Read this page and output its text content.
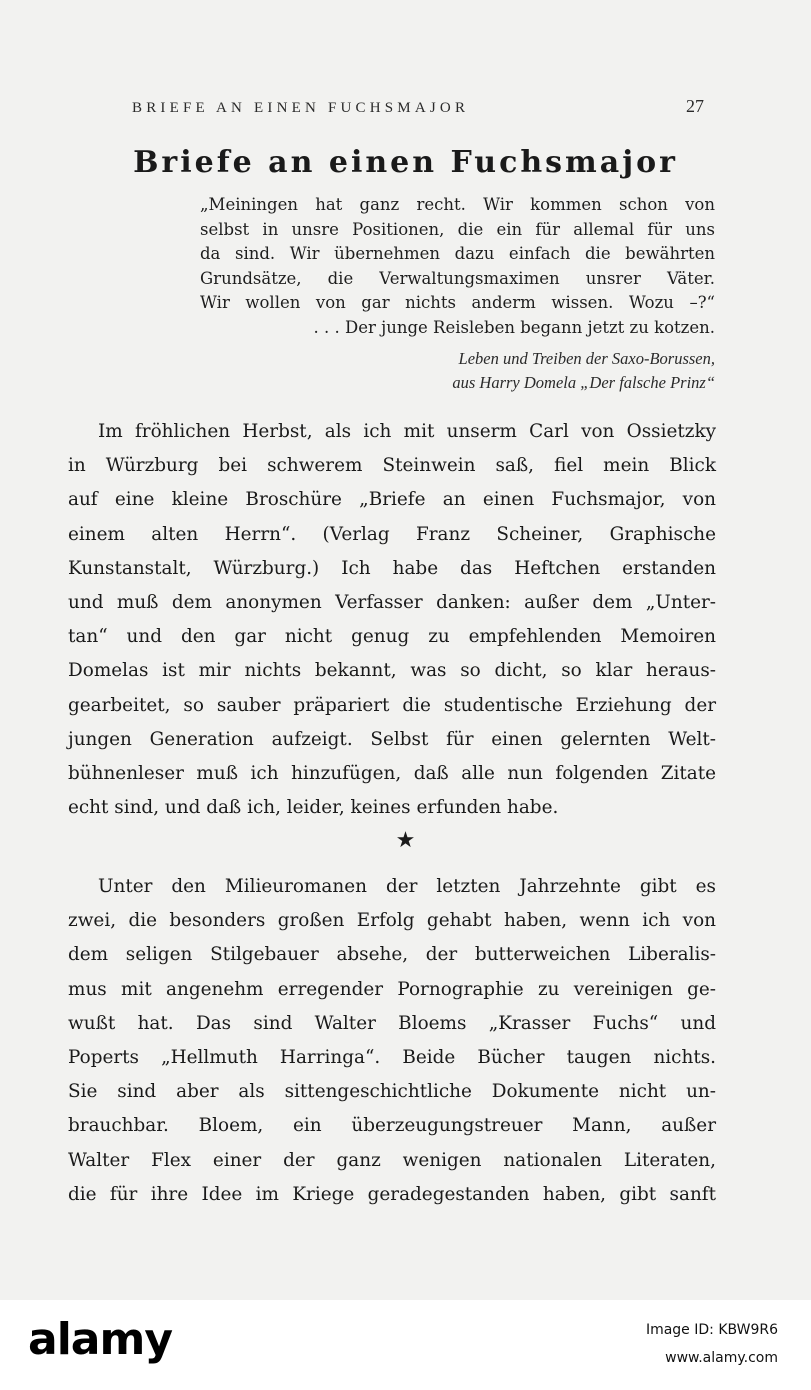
BRIEFE AN EINEN FUCHSMAJOR	27
Briefe an einen Fuchsmajor
„Meiningen hat ganz recht. Wir kommen schon von
selbst in unsre Positionen, die ein für allemal für uns
da sind. Wir übernehmen dazu einfach die bewährten
Grundsätze, die Verwaltungsmaximen unsrer Väter.
Wir wollen von gar nichts anderm wissen. Wozu –?“
. . . Der junge Reisleben begann jetzt zu kotzen.
Leben und Treiben der Saxo-Borussen,
aus Harry Domela „Der falsche Prinz“
Im fröhlichen Herbst, als ich mit unserm Carl von Ossietzky
in Würzburg bei schwerem Steinwein saß, fiel mein Blick
auf eine kleine Broschüre „Briefe an einen Fuchsmajor, von
einem alten Herrn“. (Verlag Franz Scheiner, Graphische
Kunstanstalt, Würzburg.) Ich habe das Heftchen erstanden
und muß dem anonymen Verfasser danken: außer dem „Unter-
tan“ und den gar nicht genug zu empfehlenden Memoiren
Domelas ist mir nichts bekannt, was so dicht, so klar heraus-
gearbeitet, so sauber präpariert die studentische Erziehung der
jungen Generation aufzeigt. Selbst für einen gelernten Welt-
bühnenleser muß ich hinzufügen, daß alle nun folgenden Zitate
echt sind, und daß ich, leider, keines erfunden habe.
★
Unter den Milieuromanen der letzten Jahrzehnte gibt es
zwei, die besonders großen Erfolg gehabt haben, wenn ich von
dem seligen Stilgebauer absehe, der butterweichen Liberalis-
mus mit angenehm erregender Pornographie zu vereinigen ge-
wußt hat. Das sind Walter Bloems „Krasser Fuchs“ und
Poperts „Hellmuth Harringa“. Beide Bücher taugen nichts.
Sie sind aber als sittengeschichtliche Dokumente nicht un-
brauchbar. Bloem, ein überzeugungstreuer Mann, außer
Walter Flex einer der ganz wenigen nationalen Literaten,
die für ihre Idee im Kriege geradegestanden haben, gibt sanft
alamy	Image ID: KBW9R6
www.alamy.com
